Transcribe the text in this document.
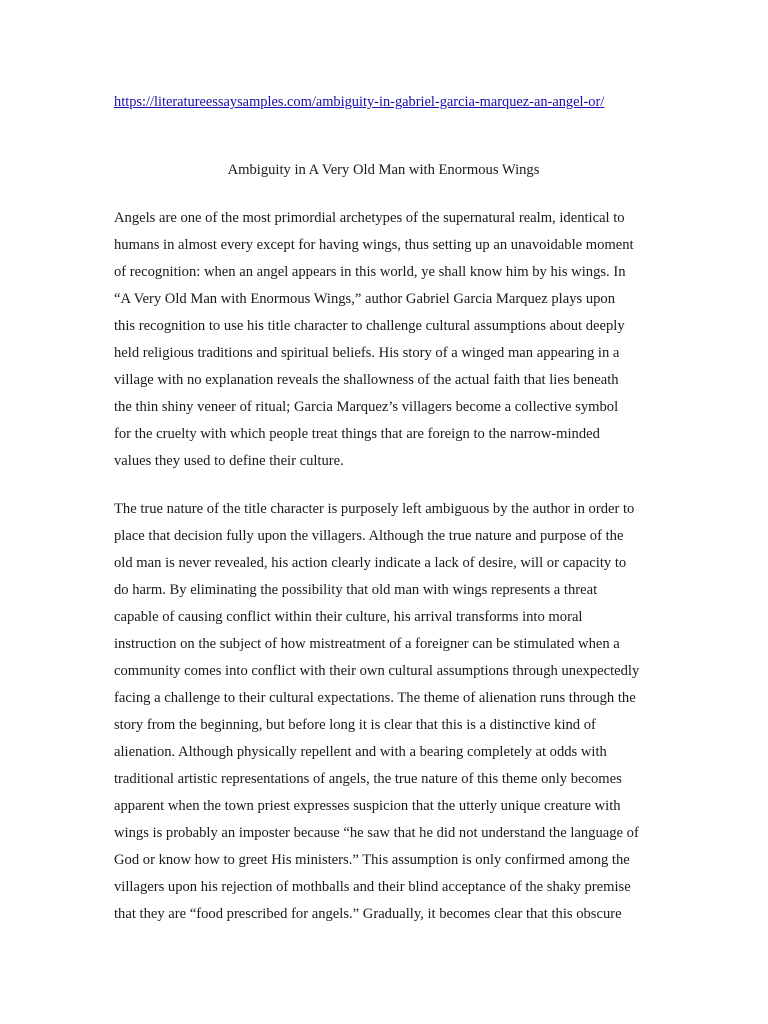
https://literatureessaysamples.com/ambiguity-in-gabriel-garcia-marquez-an-angel-or/
Ambiguity in A Very Old Man with Enormous Wings
Angels are one of the most primordial archetypes of the supernatural realm, identical to
humans in almost every except for having wings, thus setting up an unavoidable moment
of recognition: when an angel appears in this world, ye shall know him by his wings. In
“A Very Old Man with Enormous Wings,” author Gabriel Garcia Marquez plays upon
this recognition to use his title character to challenge cultural assumptions about deeply
held religious traditions and spiritual beliefs. His story of a winged man appearing in a
village with no explanation reveals the shallowness of the actual faith that lies beneath
the thin shiny veneer of ritual; Garcia Marquez’s villagers become a collective symbol
for the cruelty with which people treat things that are foreign to the narrow-minded
values they used to define their culture.
The true nature of the title character is purposely left ambiguous by the author in order to
place that decision fully upon the villagers. Although the true nature and purpose of the
old man is never revealed, his action clearly indicate a lack of desire, will or capacity to
do harm. By eliminating the possibility that old man with wings represents a threat
capable of causing conflict within their culture, his arrival transforms into moral
instruction on the subject of how mistreatment of a foreigner can be stimulated when a
community comes into conflict with their own cultural assumptions through unexpectedly
facing a challenge to their cultural expectations. The theme of alienation runs through the
story from the beginning, but before long it is clear that this is a distinctive kind of
alienation. Although physically repellent and with a bearing completely at odds with
traditional artistic representations of angels, the true nature of this theme only becomes
apparent when the town priest expresses suspicion that the utterly unique creature with
wings is probably an imposter because “he saw that he did not understand the language of
God or know how to greet His ministers.” This assumption is only confirmed among the
villagers upon his rejection of mothballs and their blind acceptance of the shaky premise
that they are “food prescribed for angels.” Gradually, it becomes clear that this obscure
